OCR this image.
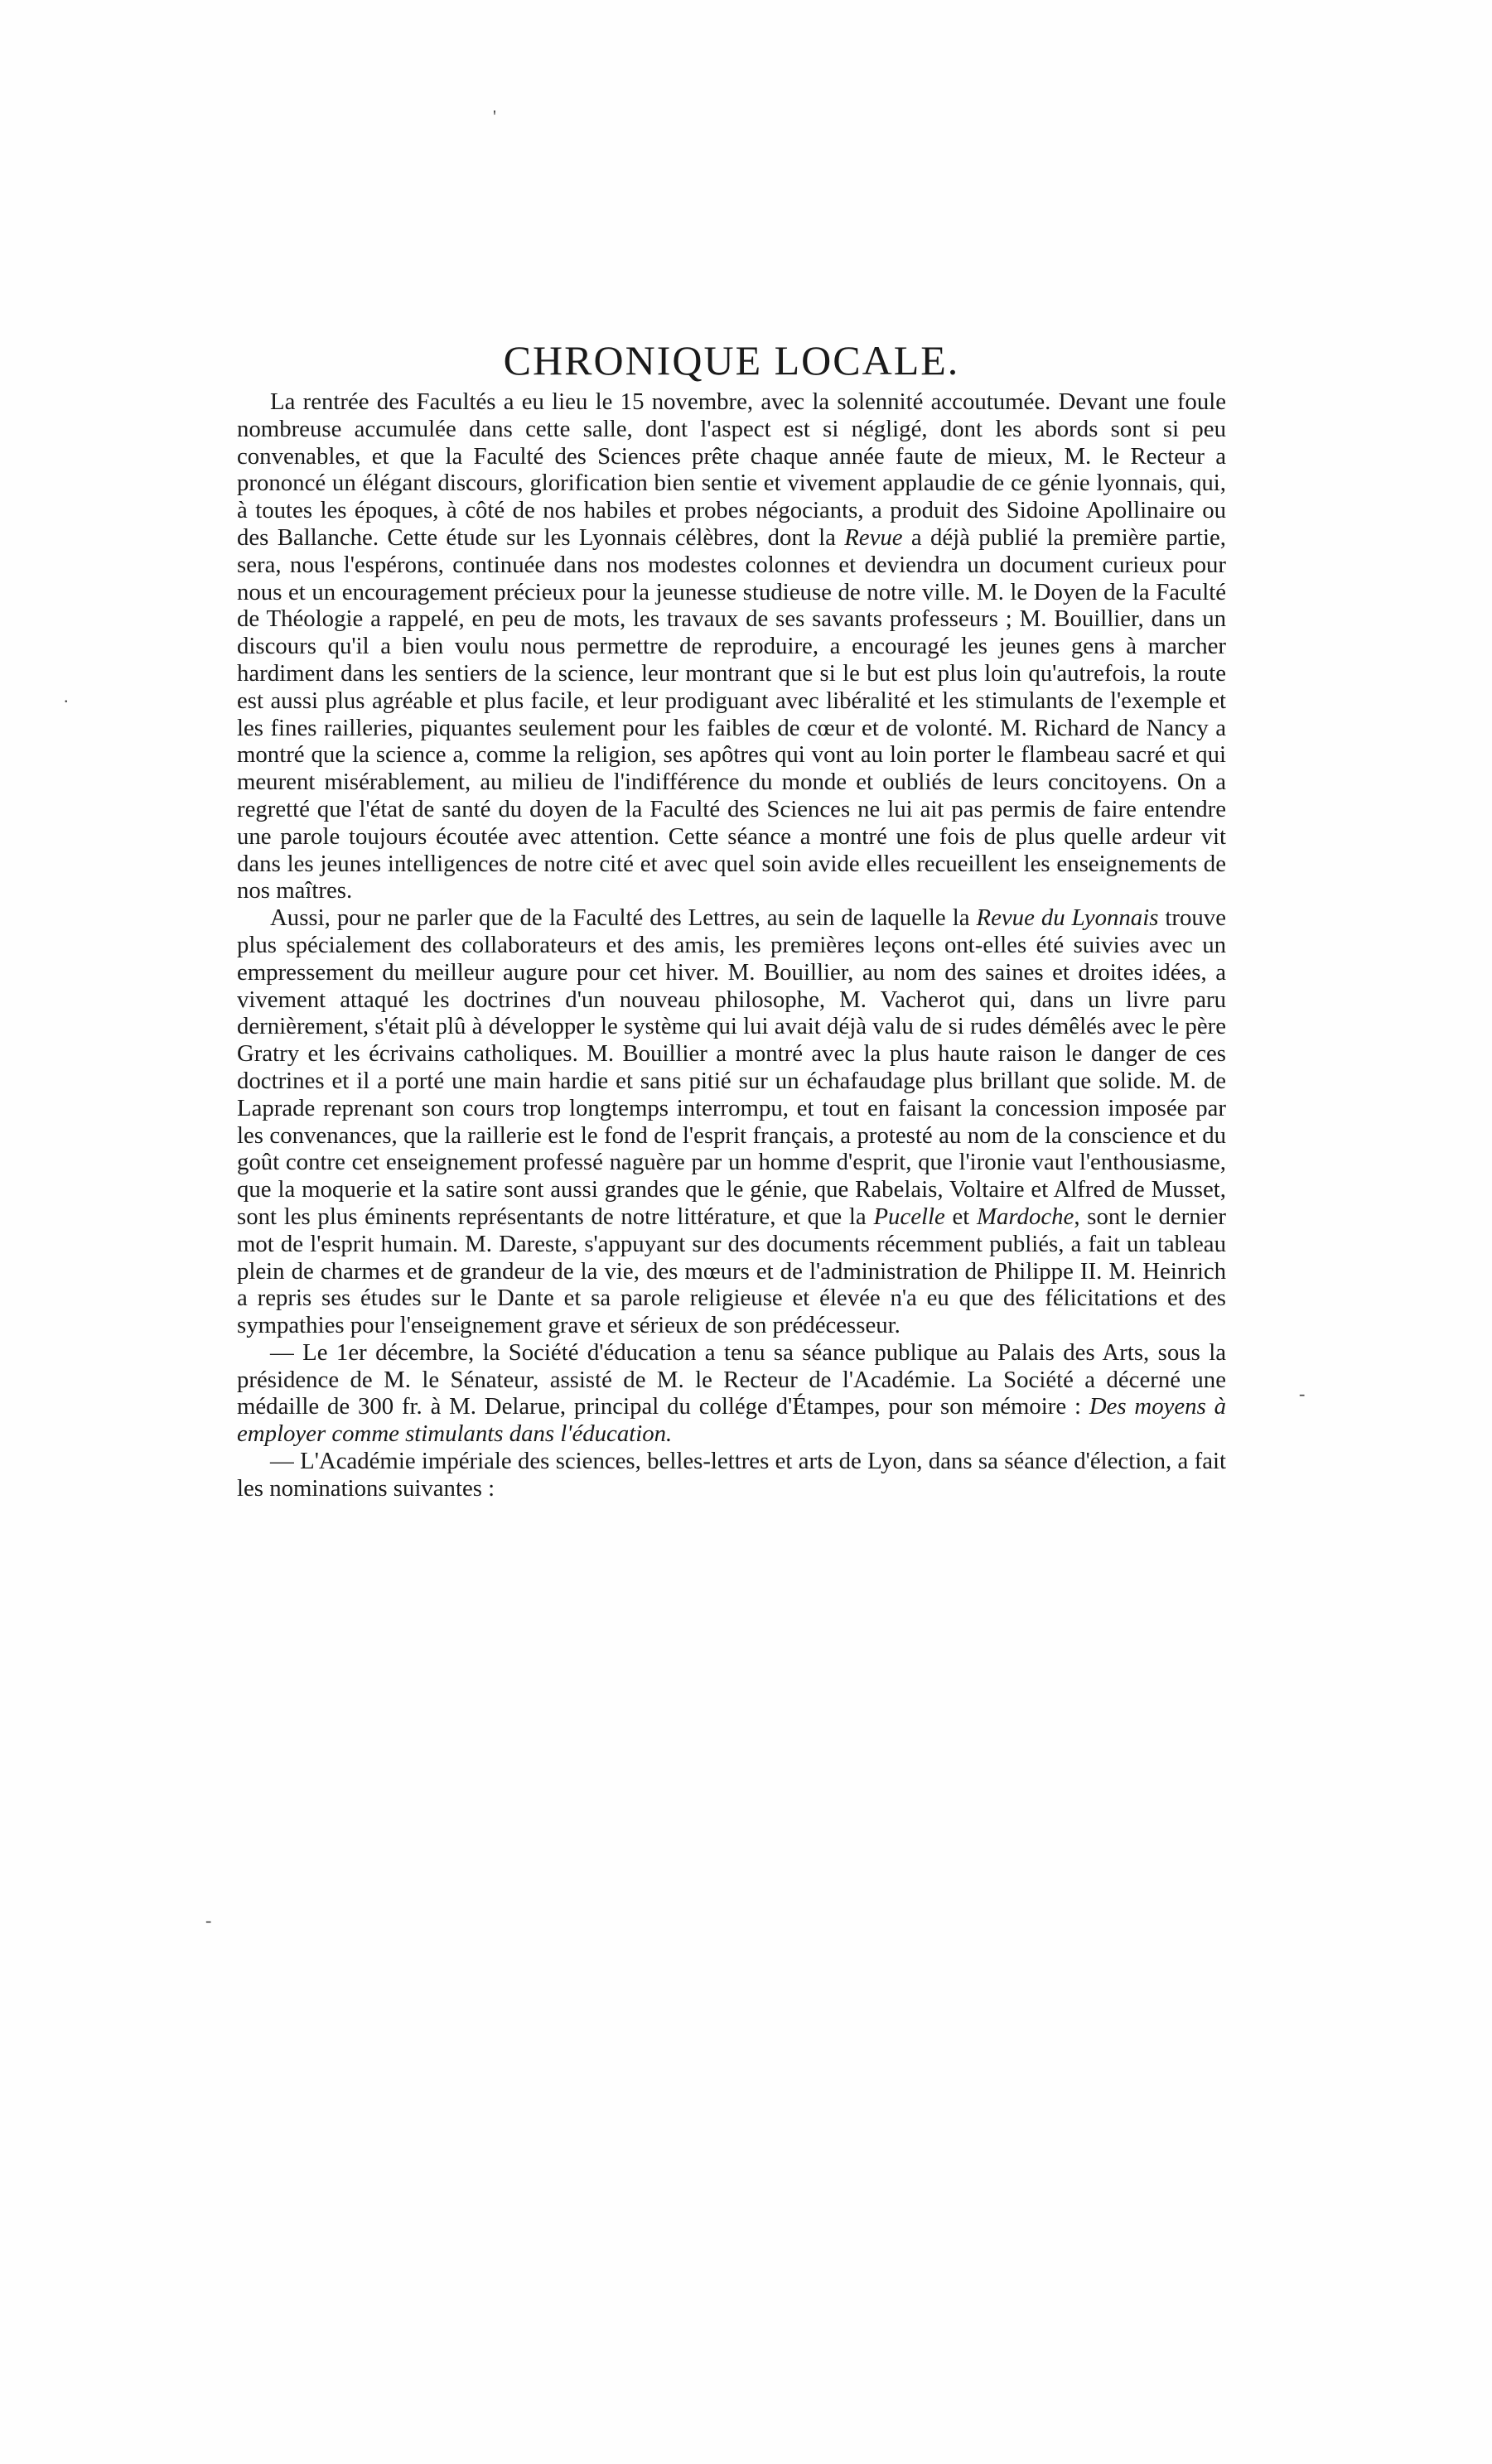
'
.
-
-
CHRONIQUE LOCALE.

La rentrée des Facultés a eu lieu le 15 novembre, avec la solennité accoutumée. Devant une foule nombreuse accumulée dans cette salle, dont l'aspect est si négligé, dont les abords sont si peu convenables, et que la Faculté des Sciences prête chaque année faute de mieux, M. le Recteur a prononcé un élégant discours, glorification bien sentie et vivement applaudie de ce génie lyonnais, qui, à toutes les époques, à côté de nos habiles et probes négociants, a produit des Sidoine Apollinaire ou des Ballanche. Cette étude sur les Lyonnais célèbres, dont la Revue a déjà publié la première partie, sera, nous l'espérons, continuée dans nos modestes colonnes et deviendra un document curieux pour nous et un encouragement précieux pour la jeunesse studieuse de notre ville. M. le Doyen de la Faculté de Théologie a rappelé, en peu de mots, les travaux de ses savants professeurs ; M. Bouillier, dans un discours qu'il a bien voulu nous permettre de reproduire, a encouragé les jeunes gens à marcher hardiment dans les sentiers de la science, leur montrant que si le but est plus loin qu'autrefois, la route est aussi plus agréable et plus facile, et leur prodiguant avec libéralité et les stimulants de l'exemple et les fines railleries, piquantes seulement pour les faibles de cœur et de volonté. M. Richard de Nancy a montré que la science a, comme la religion, ses apôtres qui vont au loin porter le flambeau sacré et qui meurent misérablement, au milieu de l'indifférence du monde et oubliés de leurs concitoyens. On a regretté que l'état de santé du doyen de la Faculté des Sciences ne lui ait pas permis de faire entendre une parole toujours écoutée avec attention. Cette séance a montré une fois de plus quelle ardeur vit dans les jeunes intelligences de notre cité et avec quel soin avide elles recueillent les enseignements de nos maîtres.

Aussi, pour ne parler que de la Faculté des Lettres, au sein de laquelle la Revue du Lyonnais trouve plus spécialement des collaborateurs et des amis, les premières leçons ont-elles été suivies avec un empressement du meilleur augure pour cet hiver. M. Bouillier, au nom des saines et droites idées, a vivement attaqué les doctrines d'un nouveau philosophe, M. Vacherot qui, dans un livre paru dernièrement, s'était plû à développer le système qui lui avait déjà valu de si rudes démêlés avec le père Gratry et les écrivains catholiques. M. Bouillier a montré avec la plus haute raison le danger de ces doctrines et il a porté une main hardie et sans pitié sur un échafaudage plus brillant que solide. M. de Laprade reprenant son cours trop longtemps interrompu, et tout en faisant la concession imposée par les convenances, que la raillerie est le fond de l'esprit français, a protesté au nom de la conscience et du goût contre cet enseignement professé naguère par un homme d'esprit, que l'ironie vaut l'enthousiasme, que la moquerie et la satire sont aussi grandes que le génie, que Rabelais, Voltaire et Alfred de Musset, sont les plus éminents représentants de notre littérature, et que la Pucelle et Mardoche, sont le dernier mot de l'esprit humain. M. Dareste, s'appuyant sur des documents récemment publiés, a fait un tableau plein de charmes et de grandeur de la vie, des mœurs et de l'administration de Philippe II. M. Heinrich a repris ses études sur le Dante et sa parole religieuse et élevée n'a eu que des félicitations et des sympathies pour l'enseignement grave et sérieux de son prédécesseur.

— Le 1er décembre, la Société d'éducation a tenu sa séance publique au Palais des Arts, sous la présidence de M. le Sénateur, assisté de M. le Recteur de l'Académie. La Société a décerné une médaille de 300 fr. à M. Delarue, principal du collége d'Étampes, pour son mémoire : Des moyens à employer comme stimulants dans l'éducation.

— L'Académie impériale des sciences, belles-lettres et arts de Lyon, dans sa séance d'élection, a fait les nominations suivantes :
